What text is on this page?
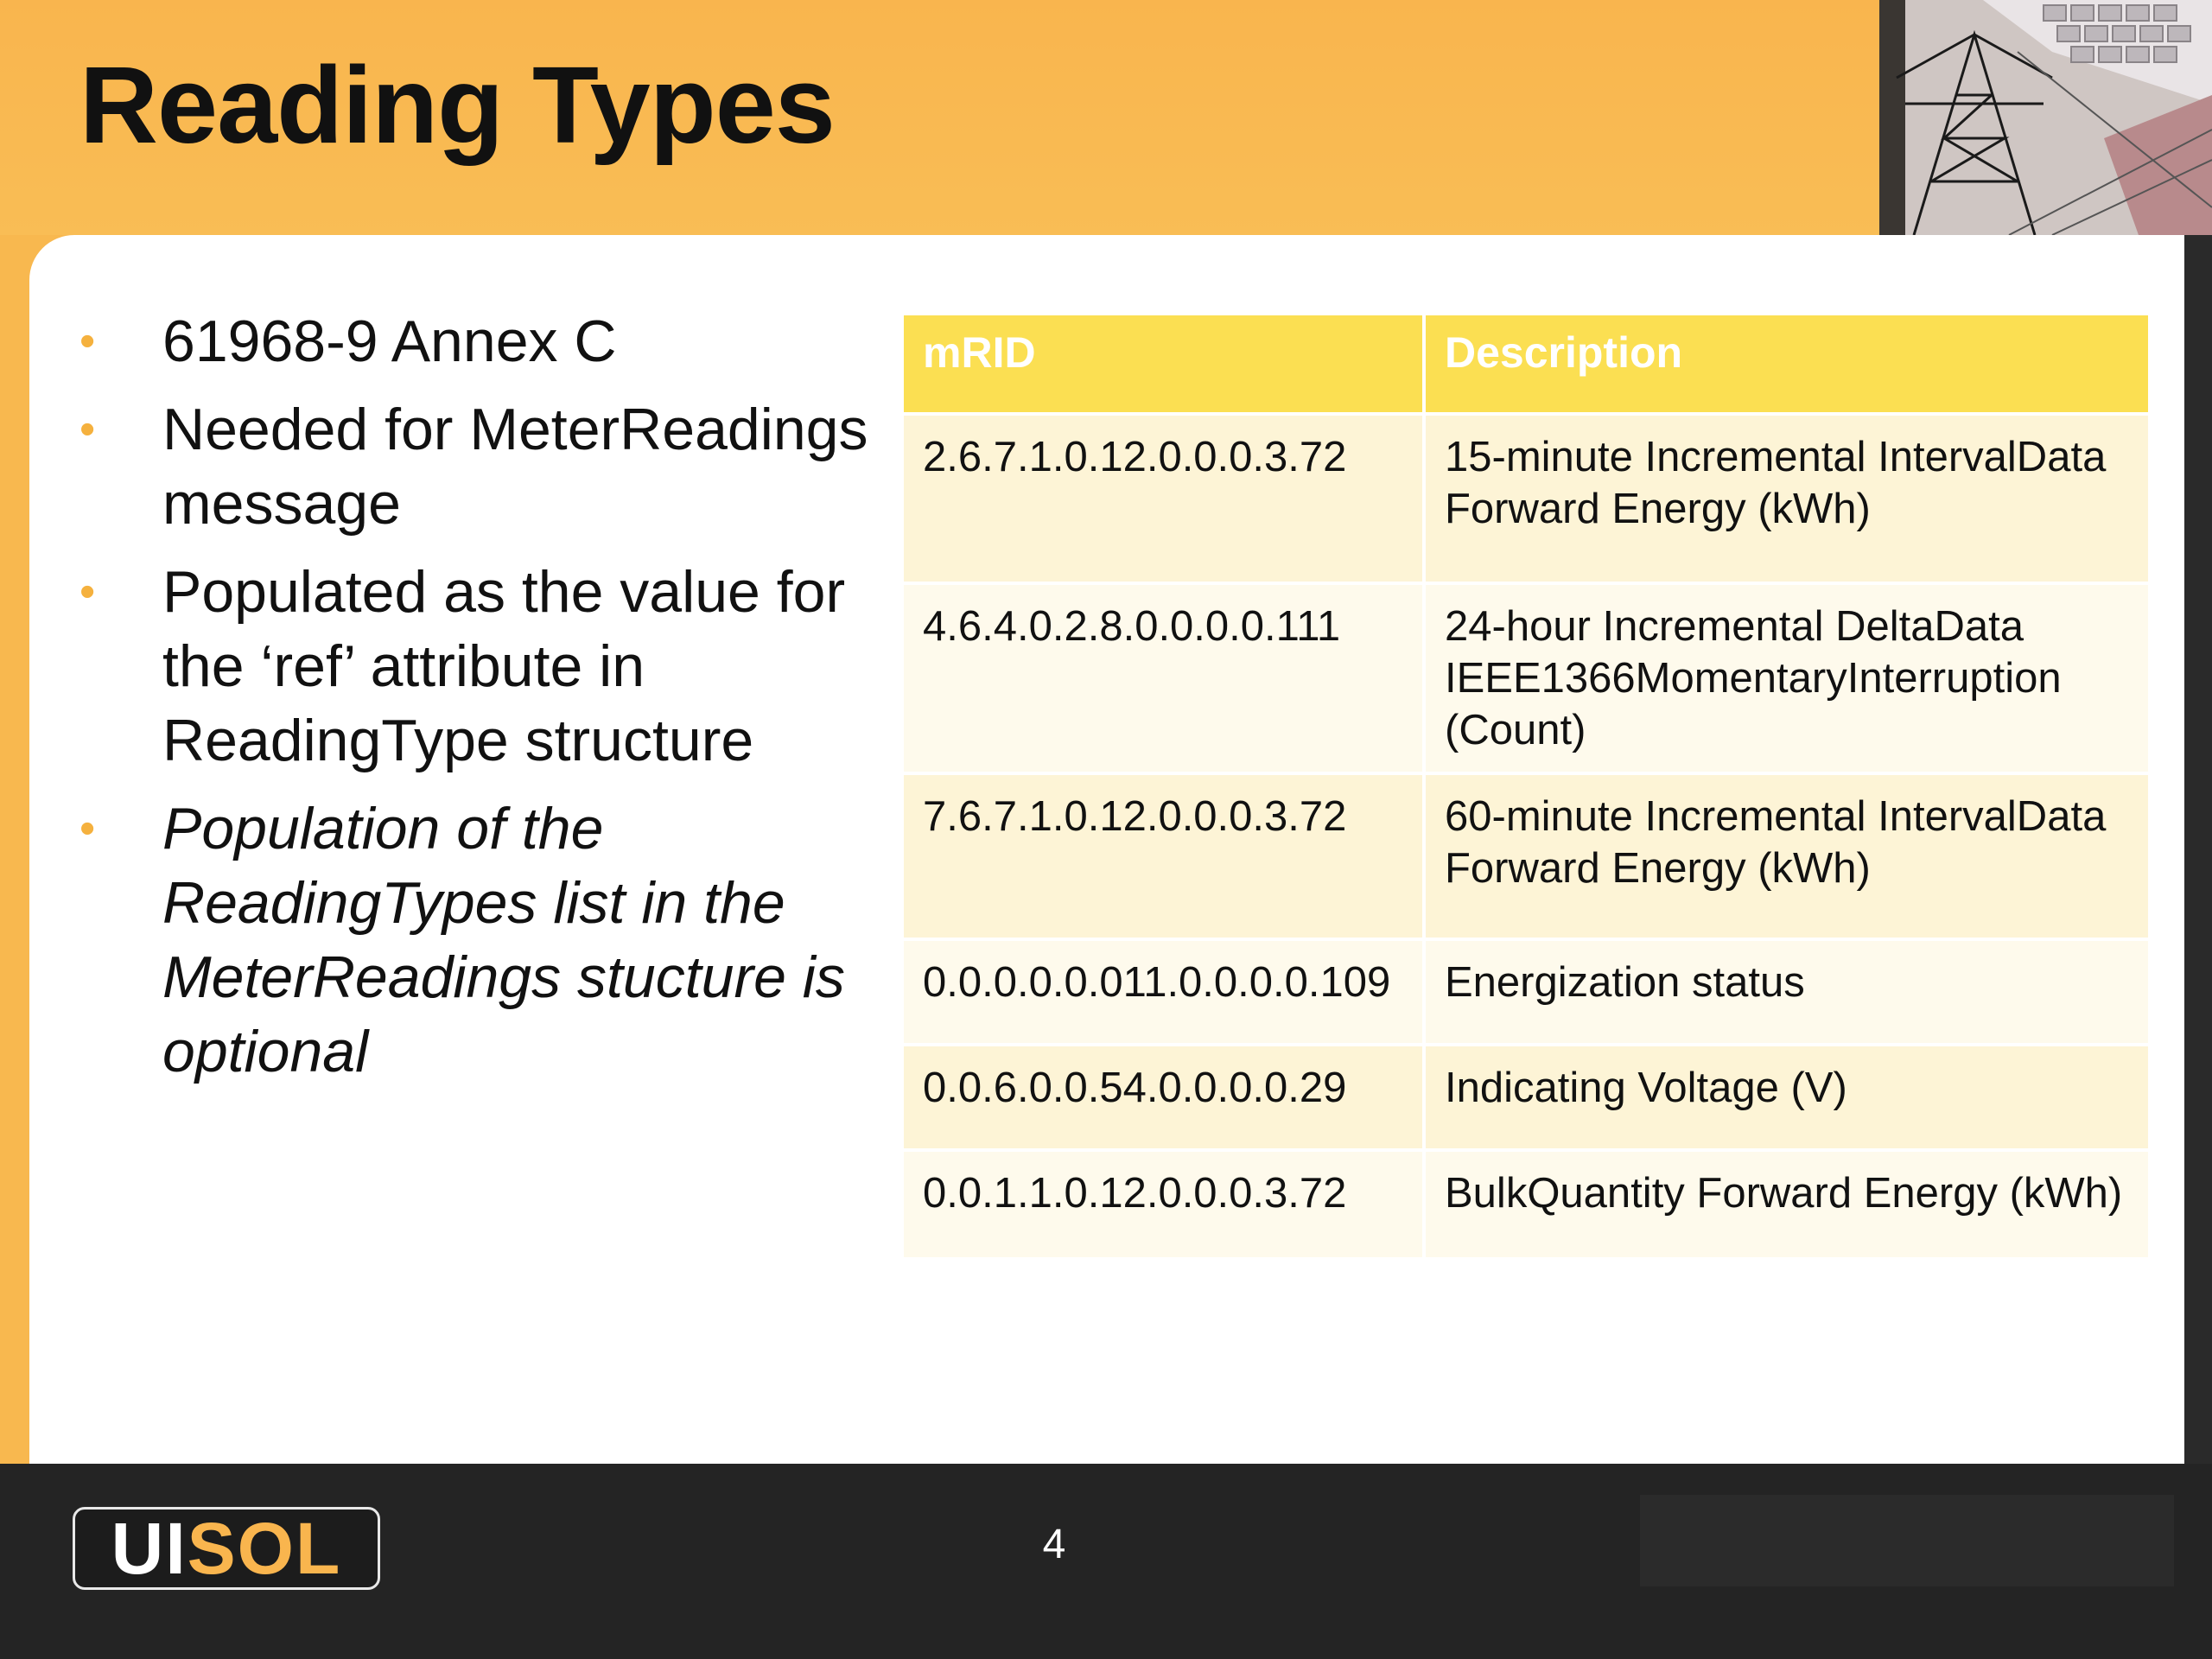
Reading Types
• 61968-9 Annex C
• Needed for MeterReadings message
• Populated as the value for the ‘ref’ attribute in ReadingType structure
• Population of the ReadingTypes list in the MeterReadings stucture is optional
mRID	Description
2.6.7.1.0.12.0.0.0.3.72	15-minute Incremental IntervalData Forward Energy (kWh)
4.6.4.0.2.8.0.0.0.0.111	24-hour Incremental DeltaData IEEE1366MomentaryInterruption (Count)
7.6.7.1.0.12.0.0.0.3.72	60-minute Incremental IntervalData Forward Energy (kWh)
0.0.0.0.0.011.0.0.0.0.109	Energization status
0.0.6.0.0.54.0.0.0.0.29	Indicating Voltage (V)
0.0.1.1.0.12.0.0.0.3.72	BulkQuantity Forward Energy (kWh)
UI SOL	4
